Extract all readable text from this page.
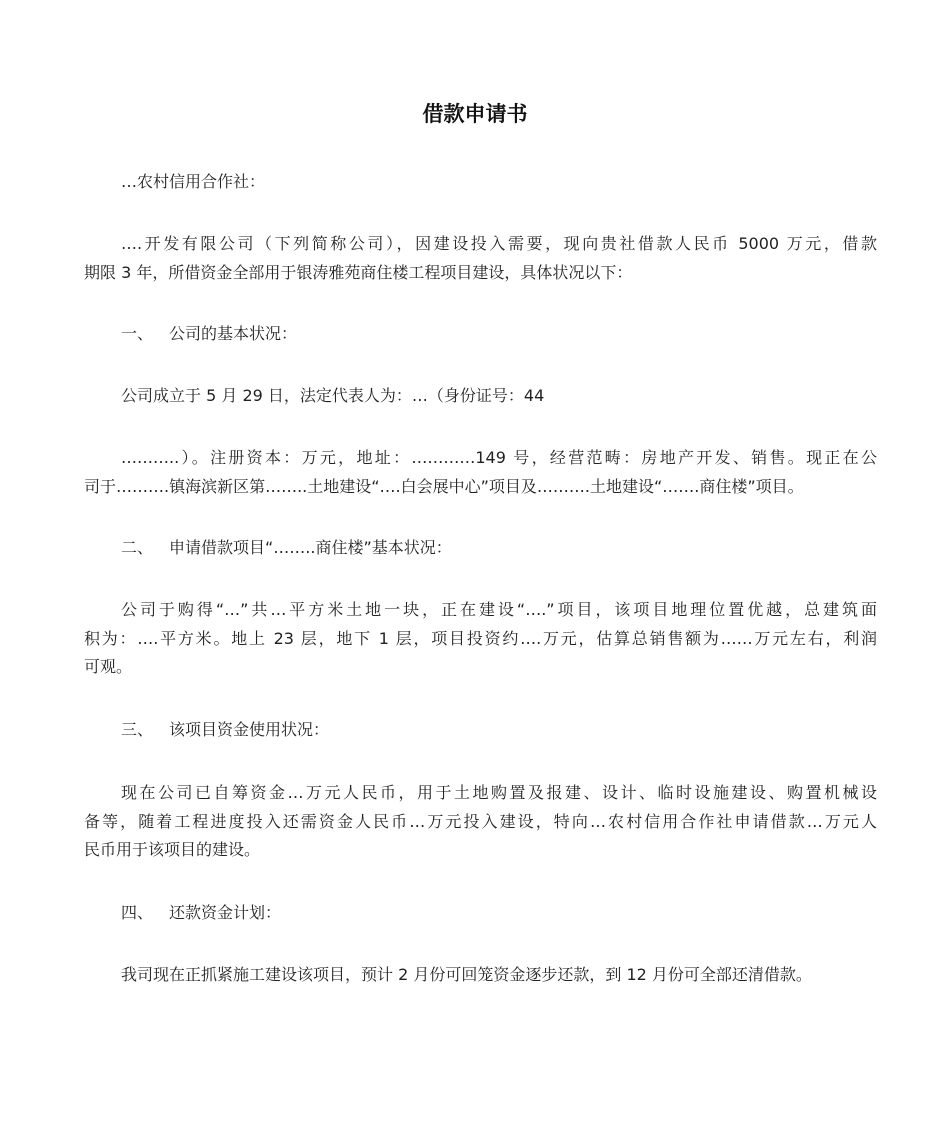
借款申请书
…农村信用合作社：
….开发有限公司（下列简称公司），因建设投入需要，现向贵社借款人民币 5000 万元，借款
期限 3 年，所借资金全部用于银涛雅苑商住楼工程项目建设，具体状况以下：
一、 公司的基本状况：
公司成立于 5 月 29 日，法定代表人为：…（身份证号：44
………..）。注册资本：万元，地址：…………149 号，经营范畴：房地产开发、销售。现正在公
司于……….镇海滨新区第……..土地建设“….白会展中心”项目及……….土地建设“…….商住楼”项目。
二、 申请借款项目“……..商住楼”基本状况：
公司于购得“…”共…平方米土地一块，正在建设“….”项目，该项目地理位置优越，总建筑面
积为：….平方米。地上 23 层，地下 1 层，项目投资约….万元，估算总销售额为……万元左右，利润
可观。
三、 该项目资金使用状况：
现在公司已自筹资金…万元人民币，用于土地购置及报建、设计、临时设施建设、购置机械设
备等，随着工程进度投入还需资金人民币…万元投入建设，特向…农村信用合作社申请借款…万元人
民币用于该项目的建设。
四、 还款资金计划：
我司现在正抓紧施工建设该项目，预计 2 月份可回笼资金逐步还款，到 12 月份可全部还清借款。
